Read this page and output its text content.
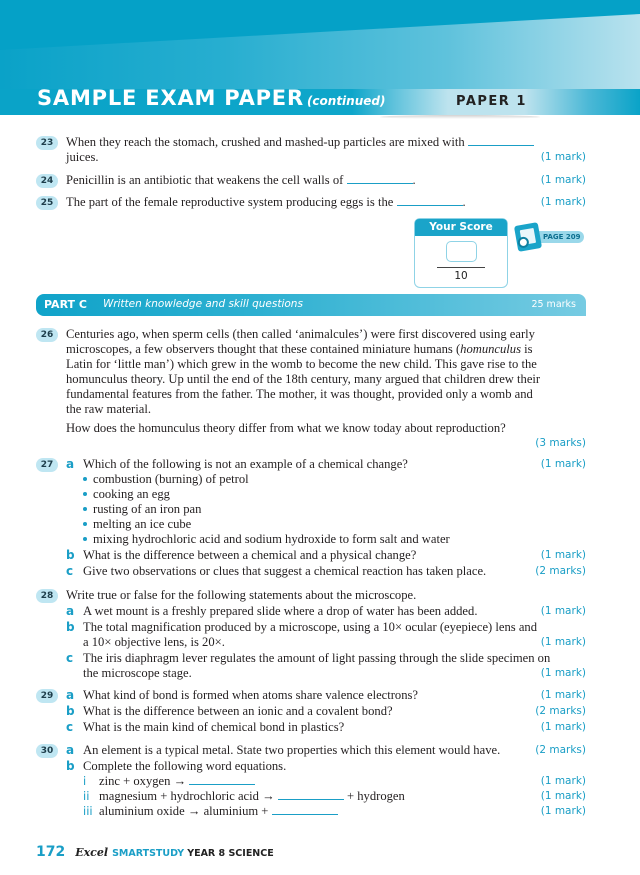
SAMPLE EXAM PAPER (continued)	PAPER 1
23	When they reach the stomach, crushed and mashed-up particles are mixed with
juices.	(1 mark)
24	Penicillin is an antibiotic that weakens the cell walls of	.	(1 mark)
25	The part of the female reproductive system producing eggs is the	.	(1 mark)
Your Score
10
PAGE 209
PART C Written knowledge and skill questions	25 marks
26	Centuries ago, when sperm cells (then called ‘animalcules’) were first discovered using early
microscopes, a few observers thought that these contained miniature humans (homunculus is
Latin for ‘little man’) which grew in the womb to become the new child. This gave rise to the
homunculus theory. Up until the end of the 18th century, many argued that children drew their
fundamental features from the father. The mother, it was thought, provided only a womb and
the raw material.
How does the homunculus theory differ from what we know today about reproduction?
(3 marks)
27	a Which of the following is not an example of a chemical change?	(1 mark)
combustion (burning) of petrol
cooking an egg
rusting of an iron pan
melting an ice cube
mixing hydrochloric acid and sodium hydroxide to form salt and water
b What is the difference between a chemical and a physical change?	(1 mark)
c Give two observations or clues that suggest a chemical reaction has taken place.	(2 marks)
28	Write true or false for the following statements about the microscope.
a A wet mount is a freshly prepared slide where a drop of water has been added.	(1 mark)
b The total magnification produced by a microscope, using a 10× ocular (eyepiece) lens and
a 10× objective lens, is 20×.	(1 mark)
c The iris diaphragm lever regulates the amount of light passing through the slide specimen on
the microscope stage.	(1 mark)
29	a What kind of bond is formed when atoms share valence electrons?	(1 mark)
b What is the difference between an ionic and a covalent bond?	(2 marks)
c What is the main kind of chemical bond in plastics?	(1 mark)
30	a An element is a typical metal. State two properties which this element would have.	(2 marks)
b Complete the following word equations.
i zinc + oxygen →	(1 mark)
ii magnesium + hydrochloric acid →	+ hydrogen	(1 mark)
iii aluminium oxide → aluminium +	(1 mark)
172 Excel SMARTSTUDY YEAR 8 SCIENCE
